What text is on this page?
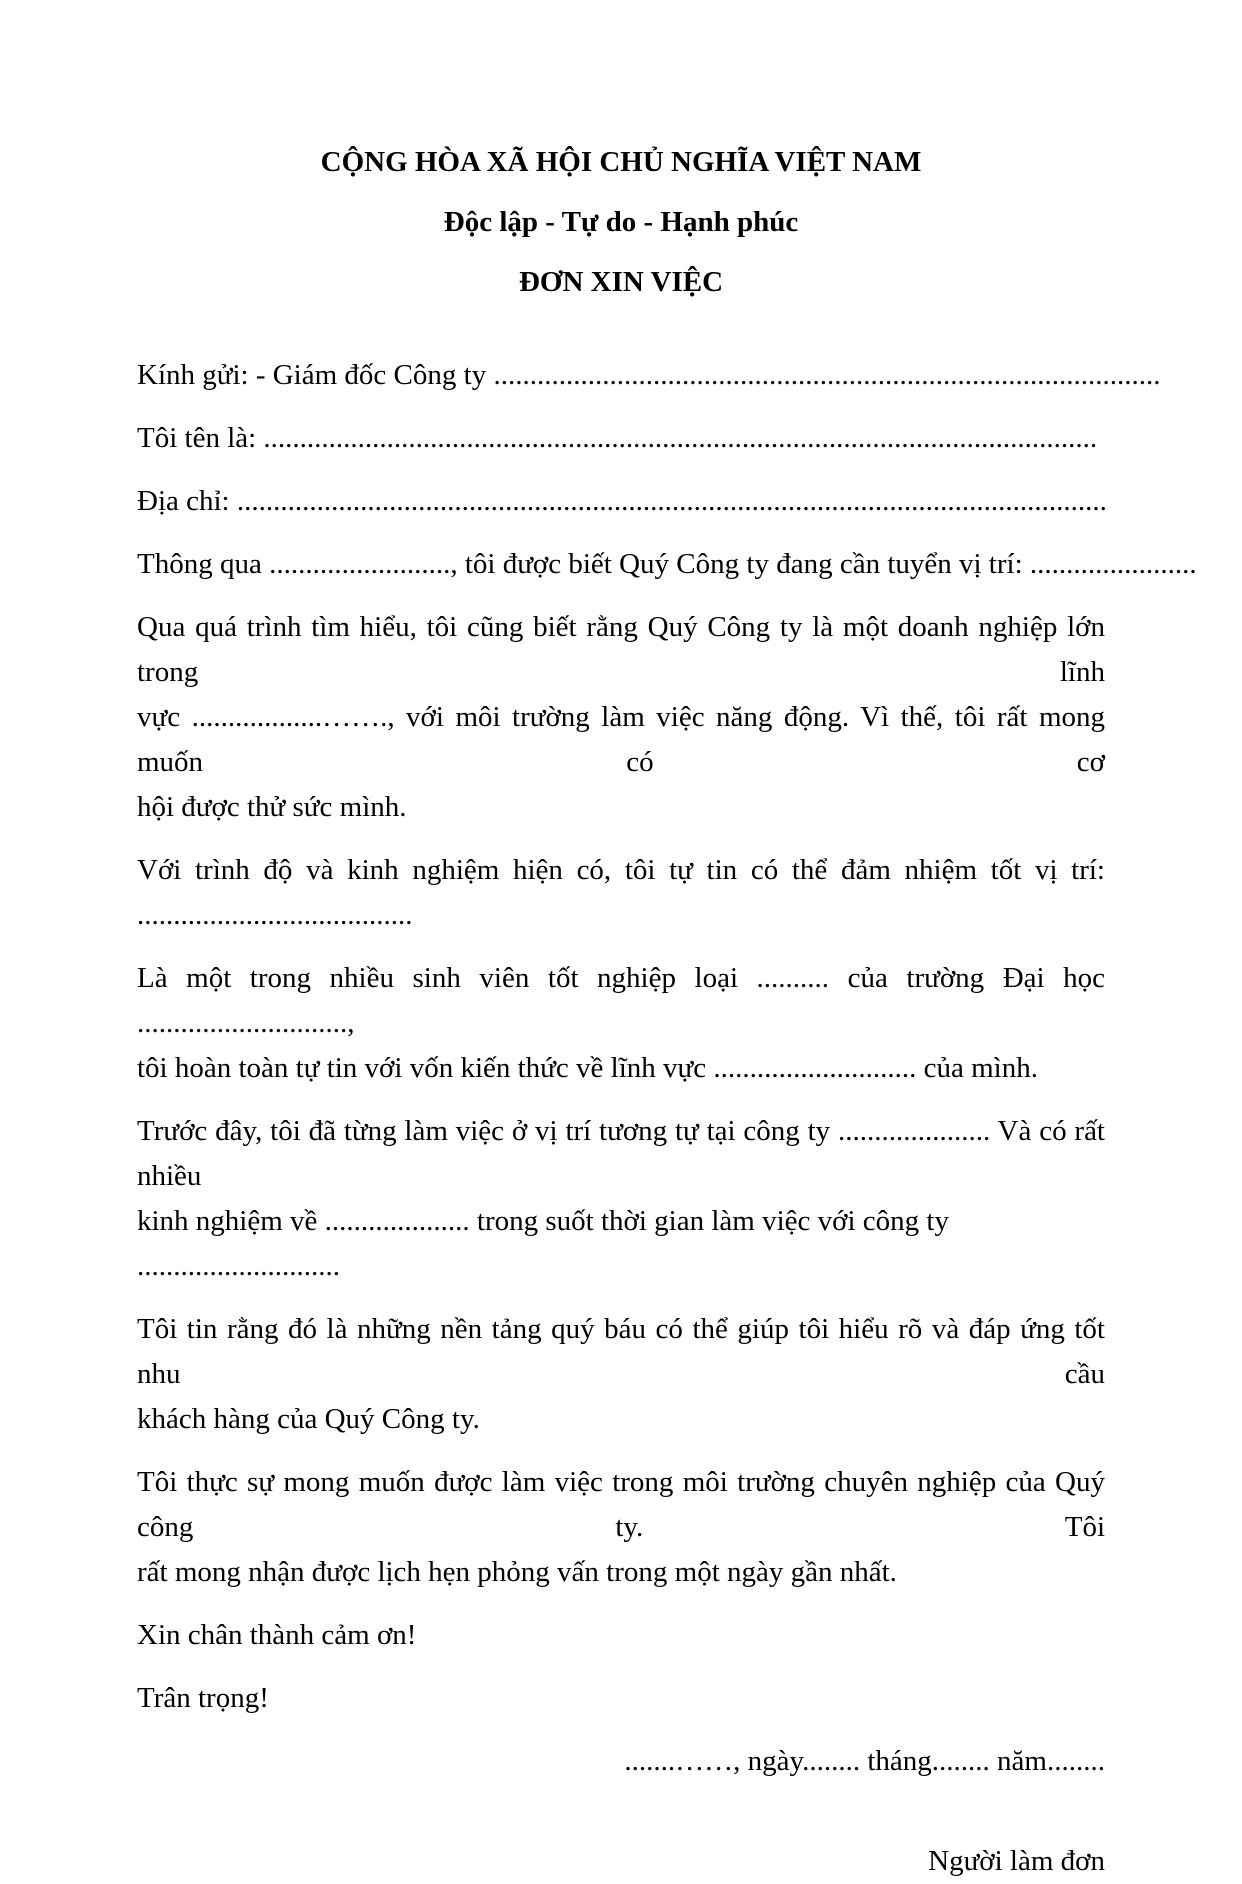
CỘNG HÒA XÃ HỘI CHỦ NGHĨA VIỆT NAM
Độc lập - Tự do - Hạnh phúc
ĐƠN XIN VIỆC
Kính gửi: - Giám đốc Công ty ............................................................................................
Tôi tên là: ...................................................................................................................
Địa chỉ: ........................................................................................................................
Thông qua ........................., tôi được biết Quý Công ty đang cần tuyển vị trí: .......................
Qua quá trình tìm hiểu, tôi cũng biết rằng Quý Công ty là một doanh nghiệp lớn trong lĩnh
vực ..................……., với môi trường làm việc năng động. Vì thế, tôi rất mong muốn có cơ
hội được thử sức mình.
Với trình độ và kinh nghiệm hiện có, tôi tự tin có thể đảm nhiệm tốt vị trí:
......................................
Là một trong nhiều sinh viên tốt nghiệp loại .......... của trường Đại học .............................,
tôi hoàn toàn tự tin với vốn kiến thức về lĩnh vực ............................ của mình.
Trước đây, tôi đã từng làm việc ở vị trí tương tự tại công ty ..................... Và có rất nhiều
kinh nghiệm về .................... trong suốt thời gian làm việc với công ty ............................
Tôi tin rằng đó là những nền tảng quý báu có thể giúp tôi hiểu rõ và đáp ứng tốt nhu cầu
khách hàng của Quý Công ty.
Tôi thực sự mong muốn được làm việc trong môi trường chuyên nghiệp của Quý công ty. Tôi
rất mong nhận được lịch hẹn phỏng vấn trong một ngày gần nhất.
Xin chân thành cảm ơn!
Trân trọng!
.......……, ngày........ tháng........ năm........
Người làm đơn
